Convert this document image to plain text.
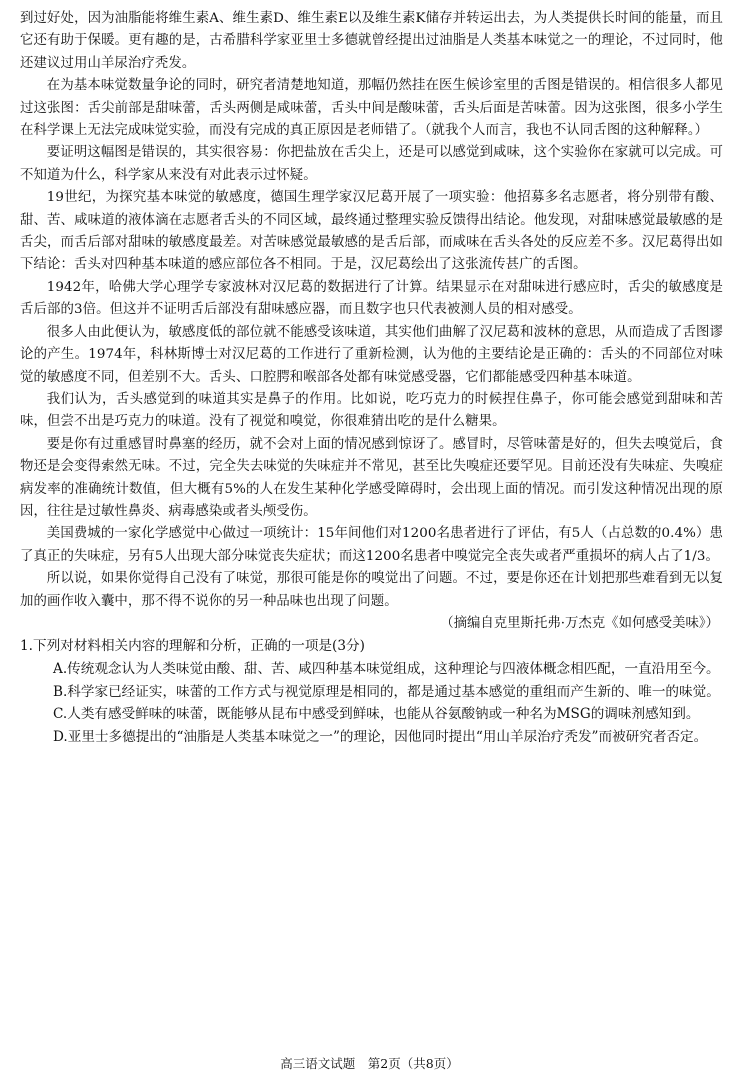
到过好处，因为油脂能将维生素A、维生素D、维生素E以及维生素K储存并转运出去，为人类提供长时间的能量，而且它还有助于保暖。更有趣的是，古希腊科学家亚里士多德就曾经提出过油脂是人类基本味觉之一的理论，不过同时，他还建议过用山羊尿治疗秃发。

在为基本味觉数量争论的同时，研究者清楚地知道，那幅仍然挂在医生候诊室里的舌图是错误的。相信很多人都见过这张图：舌尖前部是甜味蕾，舌头两侧是咸味蕾，舌头中间是酸味蕾，舌头后面是苦味蕾。因为这张图，很多小学生在科学课上无法完成味觉实验，而没有完成的真正原因是老师错了。（就我个人而言，我也不认同舌图的这种解释。）

要证明这幅图是错误的，其实很容易：你把盐放在舌尖上，还是可以感觉到咸味，这个实验你在家就可以完成。可不知道为什么，科学家从来没有对此表示过怀疑。

19世纪，为探究基本味觉的敏感度，德国生理学家汉尼葛开展了一项实验：他招募多名志愿者，将分别带有酸、甜、苦、咸味道的液体滴在志愿者舌头的不同区域，最终通过整理实验反馈得出结论。他发现，对甜味感觉最敏感的是舌尖，而舌后部对甜味的敏感度最差。对苦味感觉最敏感的是舌后部，而咸味在舌头各处的反应差不多。汉尼葛得出如下结论：舌头对四种基本味道的感应部位各不相同。于是，汉尼葛绘出了这张流传甚广的舌图。

1942年，哈佛大学心理学专家波林对汉尼葛的数据进行了计算。结果显示在对甜味进行感应时，舌尖的敏感度是舌后部的3倍。但这并不证明舌后部没有甜味感应器，而且数字也只代表被测人员的相对感受。

很多人由此便认为，敏感度低的部位就不能感受该味道，其实他们曲解了汉尼葛和波林的意思，从而造成了舌图谬论的产生。1974年，科林斯博士对汉尼葛的工作进行了重新检测，认为他的主要结论是正确的：舌头的不同部位对味觉的敏感度不同，但差别不大。舌头、口腔腭和喉部各处都有味觉感受器，它们都能感受四种基本味道。

我们认为，舌头感觉到的味道其实是鼻子的作用。比如说，吃巧克力的时候捏住鼻子，你可能会感觉到甜味和苦味，但尝不出是巧克力的味道。没有了视觉和嗅觉，你很难猜出吃的是什么糖果。

要是你有过重感冒时鼻塞的经历，就不会对上面的情况感到惊讶了。感冒时，尽管味蕾是好的，但失去嗅觉后，食物还是会变得索然无味。不过，完全失去味觉的失味症并不常见，甚至比失嗅症还要罕见。目前还没有失味症、失嗅症病发率的准确统计数值，但大概有5%的人在发生某种化学感受障碍时，会出现上面的情况。而引发这种情况出现的原因，往往是过敏性鼻炎、病毒感染或者头颅受伤。

美国费城的一家化学感觉中心做过一项统计：15年间他们对1200名患者进行了评估，有5人（占总数的0.4%）患了真正的失味症，另有5人出现大部分味觉丧失症状；而这1200名患者中嗅觉完全丧失或者严重损坏的病人占了1/3。

所以说，如果你觉得自己没有了味觉，那很可能是你的嗅觉出了问题。不过，要是你还在计划把那些难看到无以复加的画作收入囊中，那不得不说你的另一种品味也出现了问题。

（摘编自克里斯托弗·万杰克《如何感受美味》）

1.下列对材料相关内容的理解和分析，正确的一项是(3分)

A.传统观念认为人类味觉由酸、甜、苦、咸四种基本味觉组成，这种理论与四液体概念相匹配，一直沿用至今。

B.科学家已经证实，味蕾的工作方式与视觉原理是相同的，都是通过基本感觉的重组而产生新的、唯一的味觉。

C.人类有感受鲜味的味蕾，既能够从昆布中感受到鲜味，也能从谷氨酸钠或一种名为MSG的调味剂感知到。

D.亚里士多德提出的“油脂是人类基本味觉之一”的理论，因他同时提出“用山羊尿治疗秃发”而被研究者否定。

高三语文试题　第2页（共8页）
